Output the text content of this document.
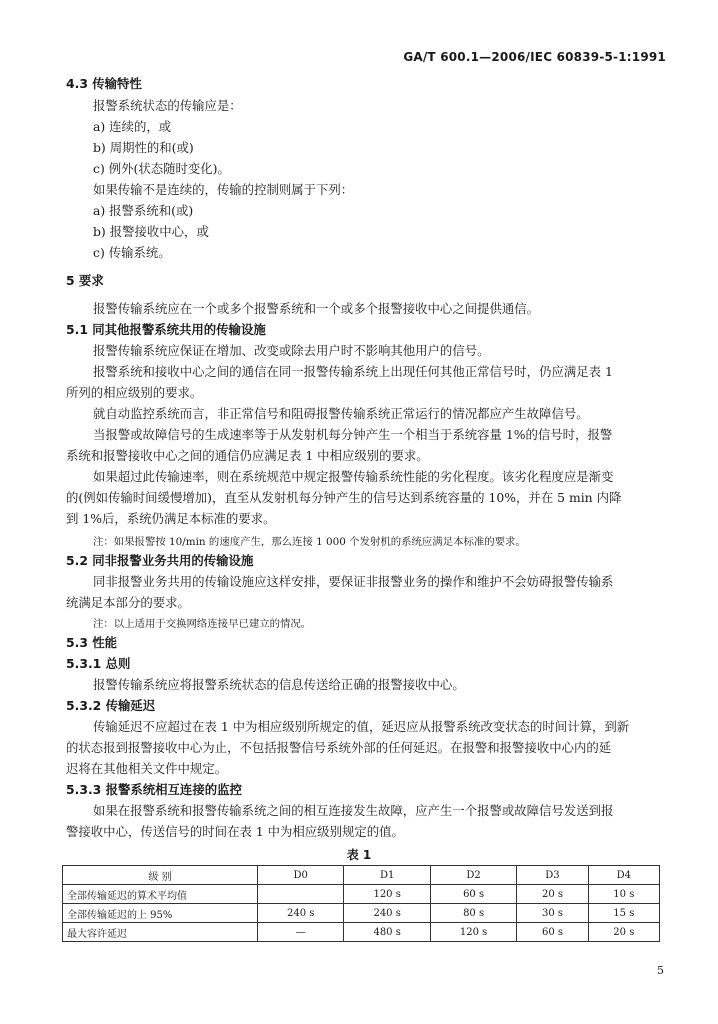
GA/T 600.1—2006/IEC 60839-5-1:1991
4.3 传输特性
报警系统状态的传输应是：
a) 连续的，或
b) 周期性的和(或)
c) 例外(状态随时变化)。
如果传输不是连续的，传输的控制则属于下列：
a) 报警系统和(或)
b) 报警接收中心，或
c) 传输系统。
5 要求
报警传输系统应在一个或多个报警系统和一个或多个报警接收中心之间提供通信。
5.1 同其他报警系统共用的传输设施
报警传输系统应保证在增加、改变或除去用户时不影响其他用户的信号。
报警系统和接收中心之间的通信在同一报警传输系统上出现任何其他正常信号时，仍应满足表 1
所列的相应级别的要求。
就自动监控系统而言，非正常信号和阻碍报警传输系统正常运行的情况都应产生故障信号。
当报警或故障信号的生成速率等于从发射机每分钟产生一个相当于系统容量 1%的信号时，报警
系统和报警接收中心之间的通信仍应满足表 1 中相应级别的要求。
如果超过此传输速率，则在系统规范中规定报警传输系统性能的劣化程度。该劣化程度应是渐变
的(例如传输时间缓慢增加)，直至从发射机每分钟产生的信号达到系统容量的 10%，并在 5 min 内降
到 1%后，系统仍满足本标准的要求。
注：如果报警按 10/min 的速度产生，那么连接 1 000 个发射机的系统应满足本标准的要求。
5.2 同非报警业务共用的传输设施
同非报警业务共用的传输设施应这样安排，要保证非报警业务的操作和维护不会妨碍报警传输系
统满足本部分的要求。
注：以上适用于交换网络连接早已建立的情况。
5.3 性能
5.3.1 总则
报警传输系统应将报警系统状态的信息传送给正确的报警接收中心。
5.3.2 传输延迟
传输延迟不应超过在表 1 中为相应级别所规定的值，延迟应从报警系统改变状态的时间计算，到新
的状态报到报警接收中心为止，不包括报警信号系统外部的任何延迟。在报警和报警接收中心内的延
迟将在其他相关文件中规定。
5.3.3 报警系统相互连接的监控
如果在报警系统和报警传输系统之间的相互连接发生故障，应产生一个报警或故障信号发送到报
警接收中心，传送信号的时间在表 1 中为相应级别规定的值。
表 1
级 别	D0	D1	D2	D3	D4
全部传输延迟的算术平均值		120 s	60 s	20 s	10 s
全部传输延迟的上 95%	240 s	240 s	80 s	30 s	15 s
最大容许延迟	—	480 s	120 s	60 s	20 s
5
